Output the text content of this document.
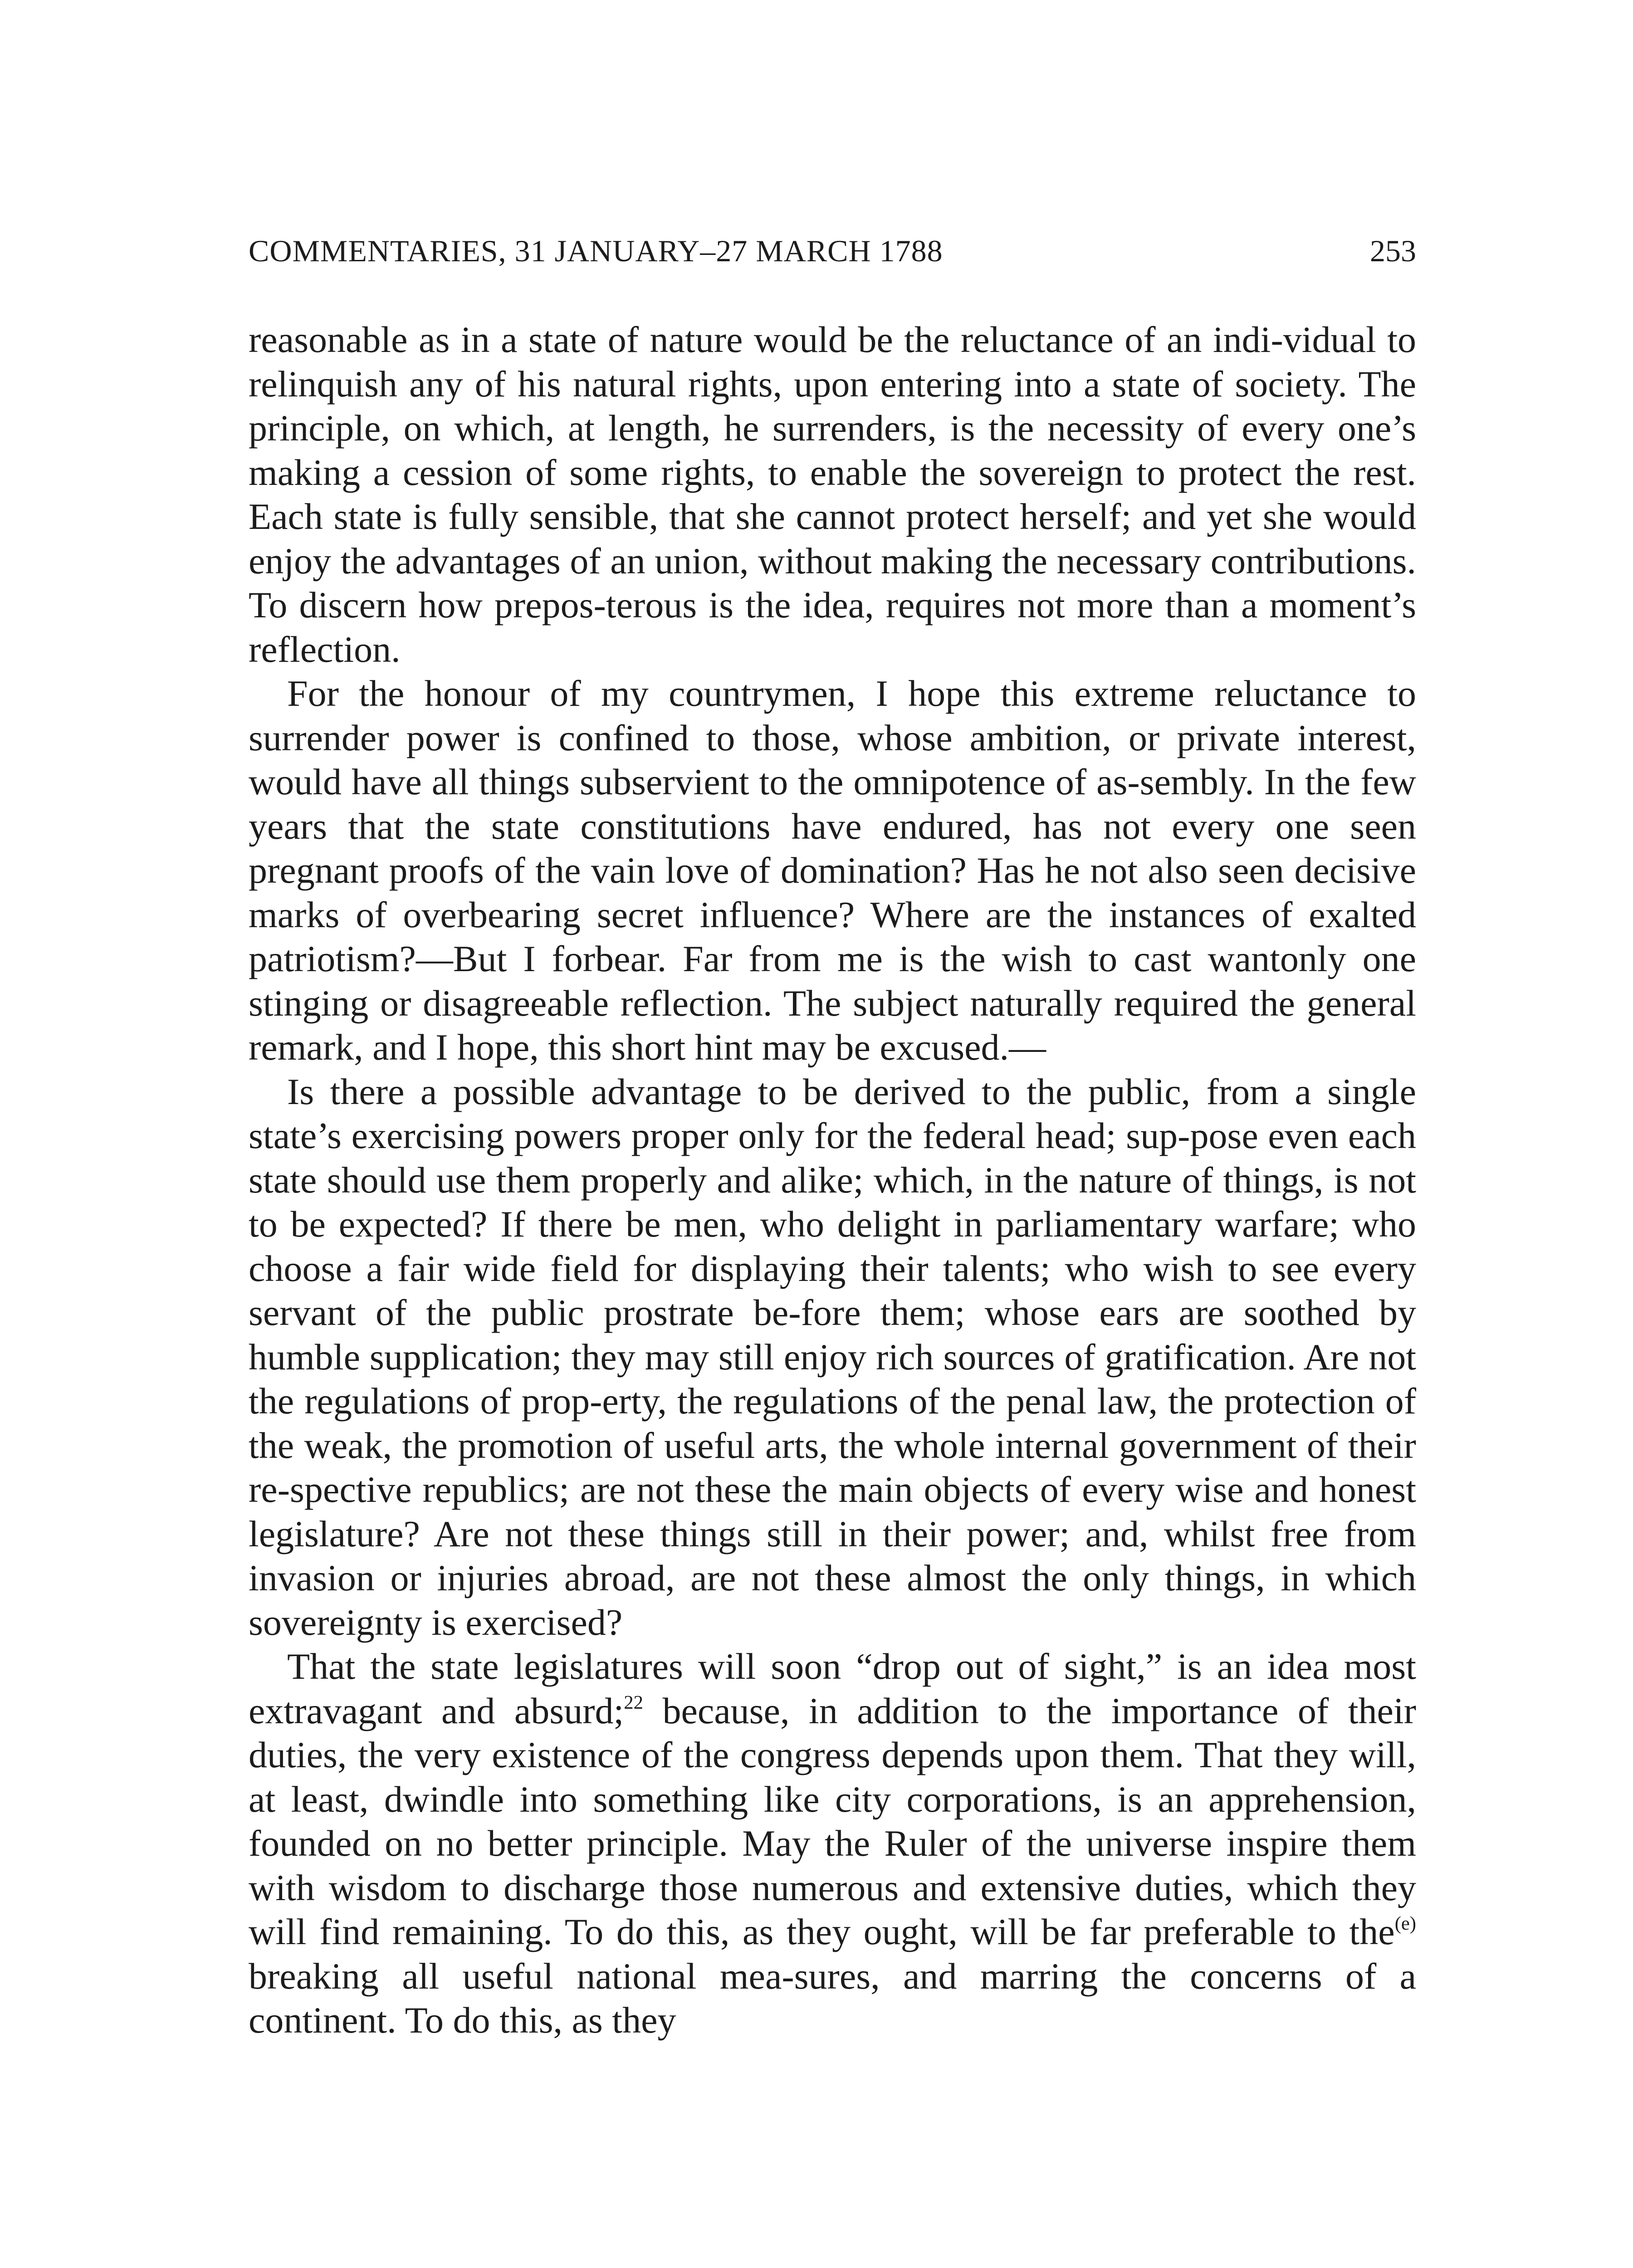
COMMENTARIES, 31 JANUARY–27 MARCH 1788	253

reasonable as in a state of nature would be the reluctance of an indi-vidual to relinquish any of his natural rights, upon entering into a state of society. The principle, on which, at length, he surrenders, is the necessity of every one’s making a cession of some rights, to enable the sovereign to protect the rest. Each state is fully sensible, that she cannot protect herself; and yet she would enjoy the advantages of an union, without making the necessary contributions. To discern how prepos-terous is the idea, requires not more than a moment’s reflection.

For the honour of my countrymen, I hope this extreme reluctance to surrender power is confined to those, whose ambition, or private interest, would have all things subservient to the omnipotence of as-sembly. In the few years that the state constitutions have endured, has not every one seen pregnant proofs of the vain love of domination? Has he not also seen decisive marks of overbearing secret influence? Where are the instances of exalted patriotism?—But I forbear. Far from me is the wish to cast wantonly one stinging or disagreeable reflection. The subject naturally required the general remark, and I hope, this short hint may be excused.—

Is there a possible advantage to be derived to the public, from a single state’s exercising powers proper only for the federal head; sup-pose even each state should use them properly and alike; which, in the nature of things, is not to be expected? If there be men, who delight in parliamentary warfare; who choose a fair wide field for displaying their talents; who wish to see every servant of the public prostrate be-fore them; whose ears are soothed by humble supplication; they may still enjoy rich sources of gratification. Are not the regulations of prop-erty, the regulations of the penal law, the protection of the weak, the promotion of useful arts, the whole internal government of their re-spective republics; are not these the main objects of every wise and honest legislature? Are not these things still in their power; and, whilst free from invasion or injuries abroad, are not these almost the only things, in which sovereignty is exercised?

That the state legislatures will soon “drop out of sight,” is an idea most extravagant and absurd;$^{22}$ because, in addition to the importance of their duties, the very existence of the congress depends upon them. That they will, at least, dwindle into something like city corporations, is an apprehension, founded on no better principle. May the Ruler of the universe inspire them with wisdom to discharge those numerous and extensive duties, which they will find remaining. To do this, as they ought, will be far preferable to the$^{(e)}$ breaking all useful national mea-sures, and marring the concerns of a continent. To do this, as they
